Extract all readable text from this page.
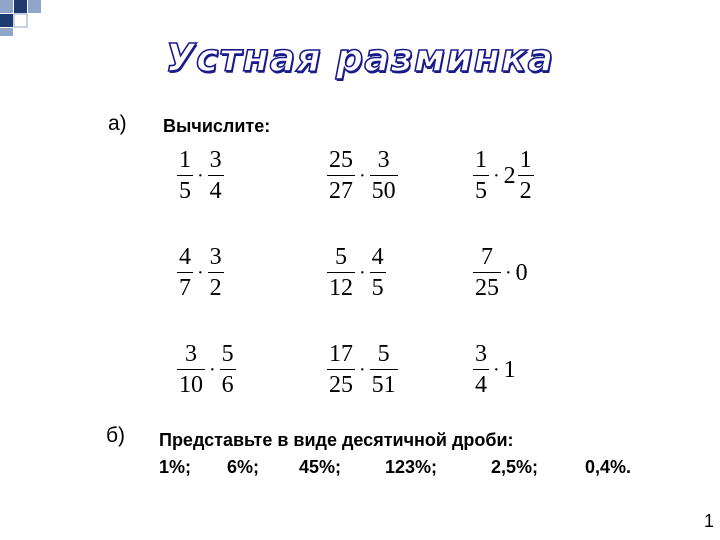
Устная разминка
а) Вычислите:
$\frac{1}{5} \cdot \frac{3}{4}$	$\frac{25}{27} \cdot \frac{3}{50}$	$\frac{1}{5} \cdot 2 \frac{1}{2}$
$\frac{4}{7} \cdot \frac{3}{2}$	$\frac{5}{12} \cdot \frac{4}{5}$	$\frac{7}{25} \cdot 0$
$\frac{3}{10} \cdot \frac{5}{6}$	$\frac{17}{25} \cdot \frac{5}{51}$	$\frac{3}{4} \cdot 1$
б) Представьте в виде десятичной дроби:
1%;	6%;	45%;	123%;	2,5%;	0,4%.
1
